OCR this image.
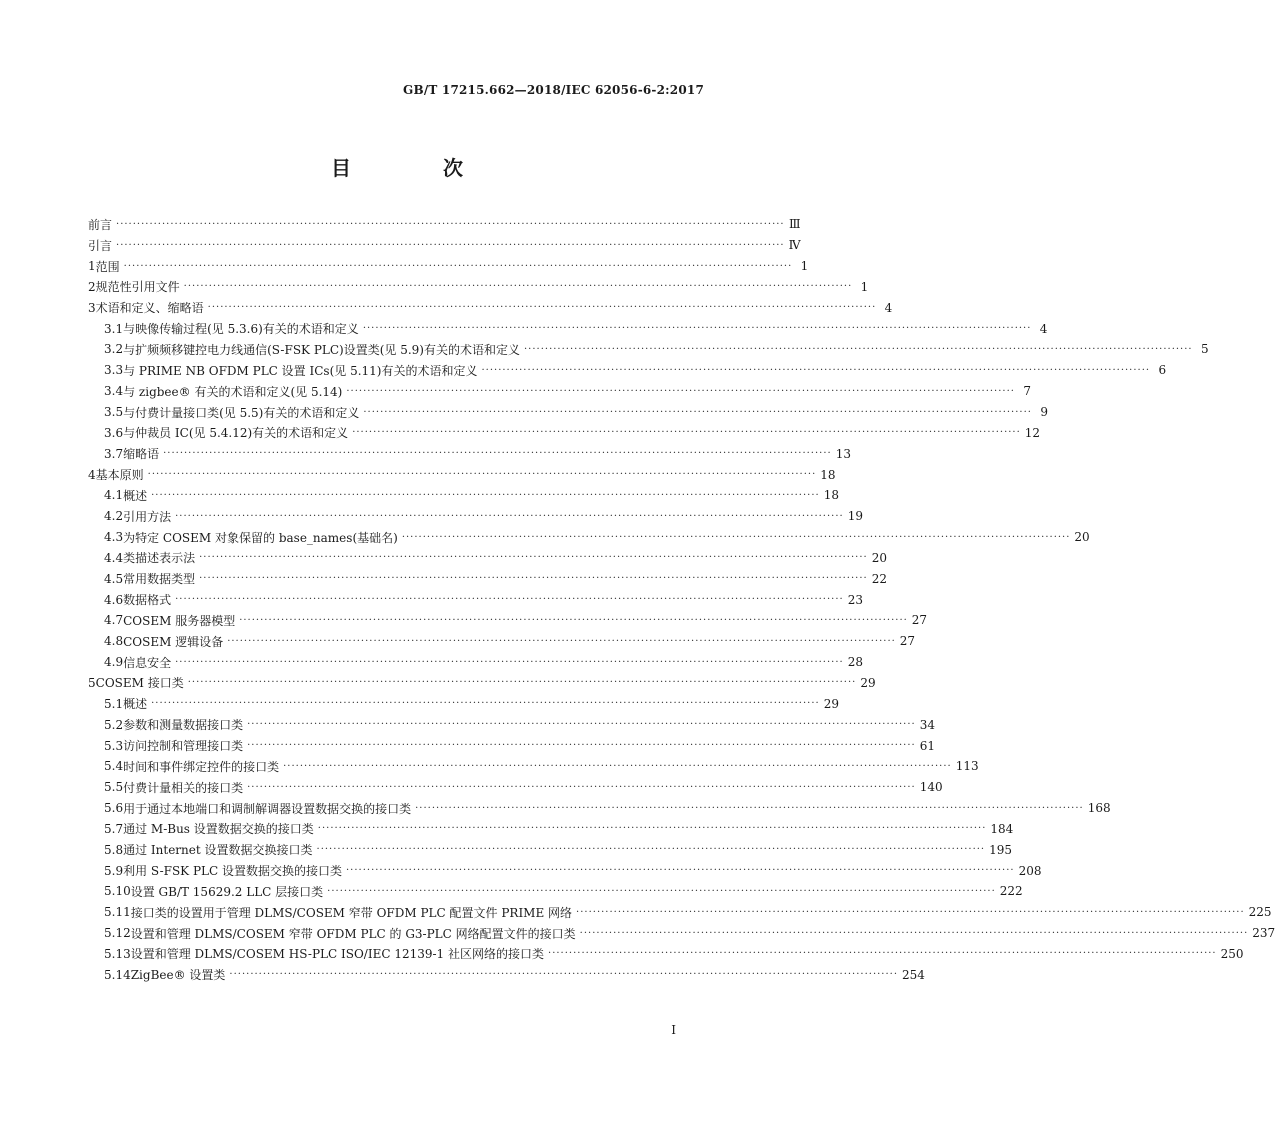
GB/T 17215.662—2018/IEC 62056-6-2:2017
目　次
前言 ·····	Ⅲ
引言 ·····	Ⅳ
1 范围 ·····	1
2 规范性引用文件 ·····	1
3 术语和定义、缩略语 ·····	4
3.1 与映像传输过程(见 5.3.6)有关的术语和定义 ·····	4
3.2 与扩频频移键控电力线通信(S-FSK PLC)设置类(见 5.9)有关的术语和定义 ·····	5
3.3 与 PRIME NB OFDM PLC 设置 ICs(见 5.11)有关的术语和定义 ·····	6
3.4 与 zigbee® 有关的术语和定义(见 5.14) ·····	7
3.5 与付费计量接口类(见 5.5)有关的术语和定义 ·····	9
3.6 与仲裁员 IC(见 5.4.12)有关的术语和定义 ·····	12
3.7 缩略语 ·····	13
4 基本原则 ·····	18
4.1 概述 ·····	18
4.2 引用方法 ·····	19
4.3 为特定 COSEM 对象保留的 base_names(基础名) ·····	20
4.4 类描述表示法 ·····	20
4.5 常用数据类型 ·····	22
4.6 数据格式 ·····	23
4.7 COSEM 服务器模型 ·····	27
4.8 COSEM 逻辑设备 ·····	27
4.9 信息安全 ·····	28
5 COSEM 接口类 ·····	29
5.1 概述 ·····	29
5.2 参数和测量数据接口类 ·····	34
5.3 访问控制和管理接口类 ·····	61
5.4 时间和事件绑定控件的接口类 ·····	113
5.5 付费计量相关的接口类 ·····	140
5.6 用于通过本地端口和调制解调器设置数据交换的接口类 ·····	168
5.7 通过 M-Bus 设置数据交换的接口类 ·····	184
5.8 通过 Internet 设置数据交换接口类 ·····	195
5.9 利用 S-FSK PLC 设置数据交换的接口类 ·····	208
5.10 设置 GB/T 15629.2 LLC 层接口类 ·····	222
5.11 接口类的设置用于管理 DLMS/COSEM 窄带 OFDM PLC 配置文件 PRIME 网络 ·····	225
5.12 设置和管理 DLMS/COSEM 窄带 OFDM PLC 的 G3-PLC 网络配置文件的接口类 ·····	237
5.13 设置和管理 DLMS/COSEM HS-PLC ISO/IEC 12139-1 社区网络的接口类 ·····	250
5.14 ZigBee® 设置类 ·····	254
I
